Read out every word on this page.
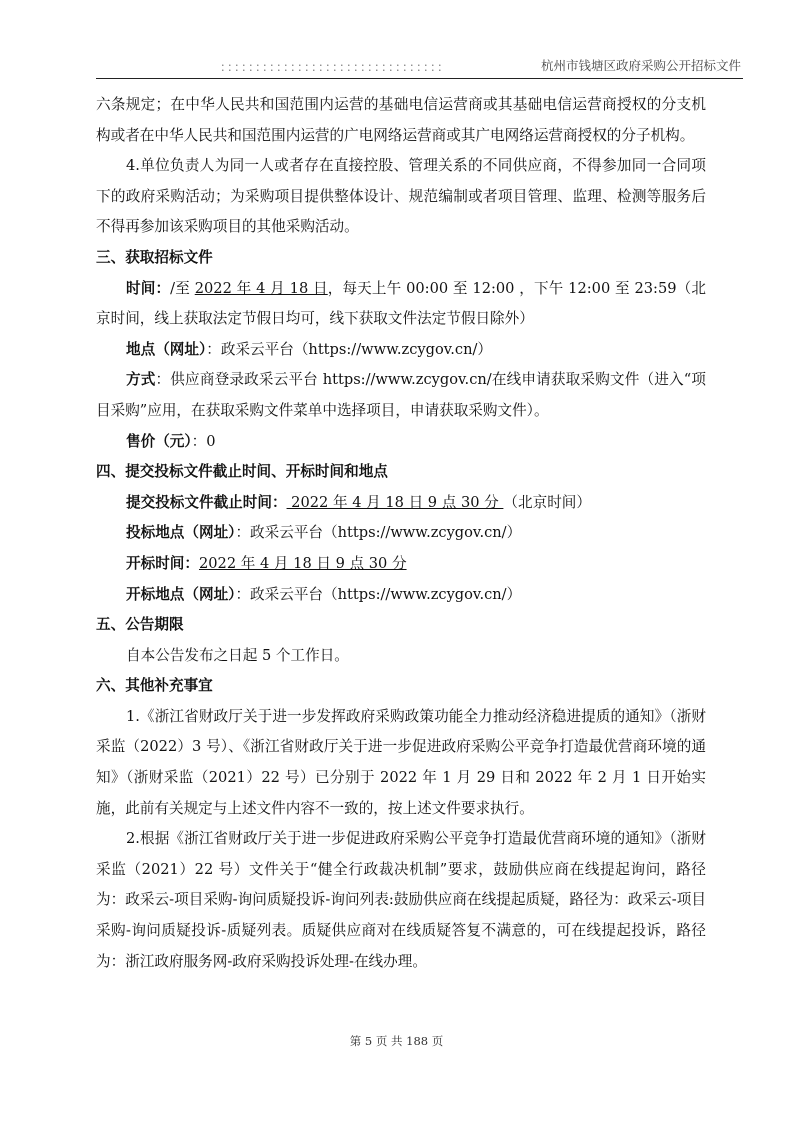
：：：：：：：：：：：：：：：：：：：：：：：：：：：：：：：：	杭州市钱塘区政府采购公开招标文件

六条规定；在中华人民共和国范围内运营的基础电信运营商或其基础电信运营商授权的分支机构或者在中华人民共和国范围内运营的广电网络运营商或其广电网络运营商授权的分子机构。

4.单位负责人为同一人或者存在直接控股、管理关系的不同供应商，不得参加同一合同项下的政府采购活动；为采购项目提供整体设计、规范编制或者项目管理、监理、检测等服务后不得再参加该采购项目的其他采购活动。

三、获取招标文件

时间：/至 2022 年 4 月 18 日，每天上午 00:00 至 12:00 ，下午 12:00 至 23:59（北京时间，线上获取法定节假日均可，线下获取文件法定节假日除外）

地点（网址）：政采云平台（https://www.zcygov.cn/）

方式：供应商登录政采云平台 https://www.zcygov.cn/在线申请获取采购文件（进入“项目采购”应用，在获取采购文件菜单中选择项目，申请获取采购文件）。

售价（元）：0

四、提交投标文件截止时间、开标时间和地点

提交投标文件截止时间： 2022 年 4 月 18 日 9 点 30 分 （北京时间）

投标地点（网址）：政采云平台（https://www.zcygov.cn/）

开标时间：2022 年 4 月 18 日 9 点 30 分

开标地点（网址）：政采云平台（https://www.zcygov.cn/）

五、公告期限

自本公告发布之日起 5 个工作日。

六、其他补充事宜

1.《浙江省财政厅关于进一步发挥政府采购政策功能全力推动经济稳进提质的通知》（浙财采监（2022）3 号）、《浙江省财政厅关于进一步促进政府采购公平竞争打造最优营商环境的通知》（浙财采监（2021）22 号）已分别于 2022 年 1 月 29 日和 2022 年 2 月 1 日开始实施，此前有关规定与上述文件内容不一致的，按上述文件要求执行。

2.根据《浙江省财政厅关于进一步促进政府采购公平竞争打造最优营商环境的通知》（浙财采监（2021）22 号）文件关于“健全行政裁决机制”要求，鼓励供应商在线提起询问，路径为：政采云-项目采购-询问质疑投诉-询问列表:鼓励供应商在线提起质疑，路径为：政采云-项目采购-询问质疑投诉-质疑列表。质疑供应商对在线质疑答复不满意的，可在线提起投诉，路径为：浙江政府服务网-政府采购投诉处理-在线办理。

第 5 页 共 188 页
